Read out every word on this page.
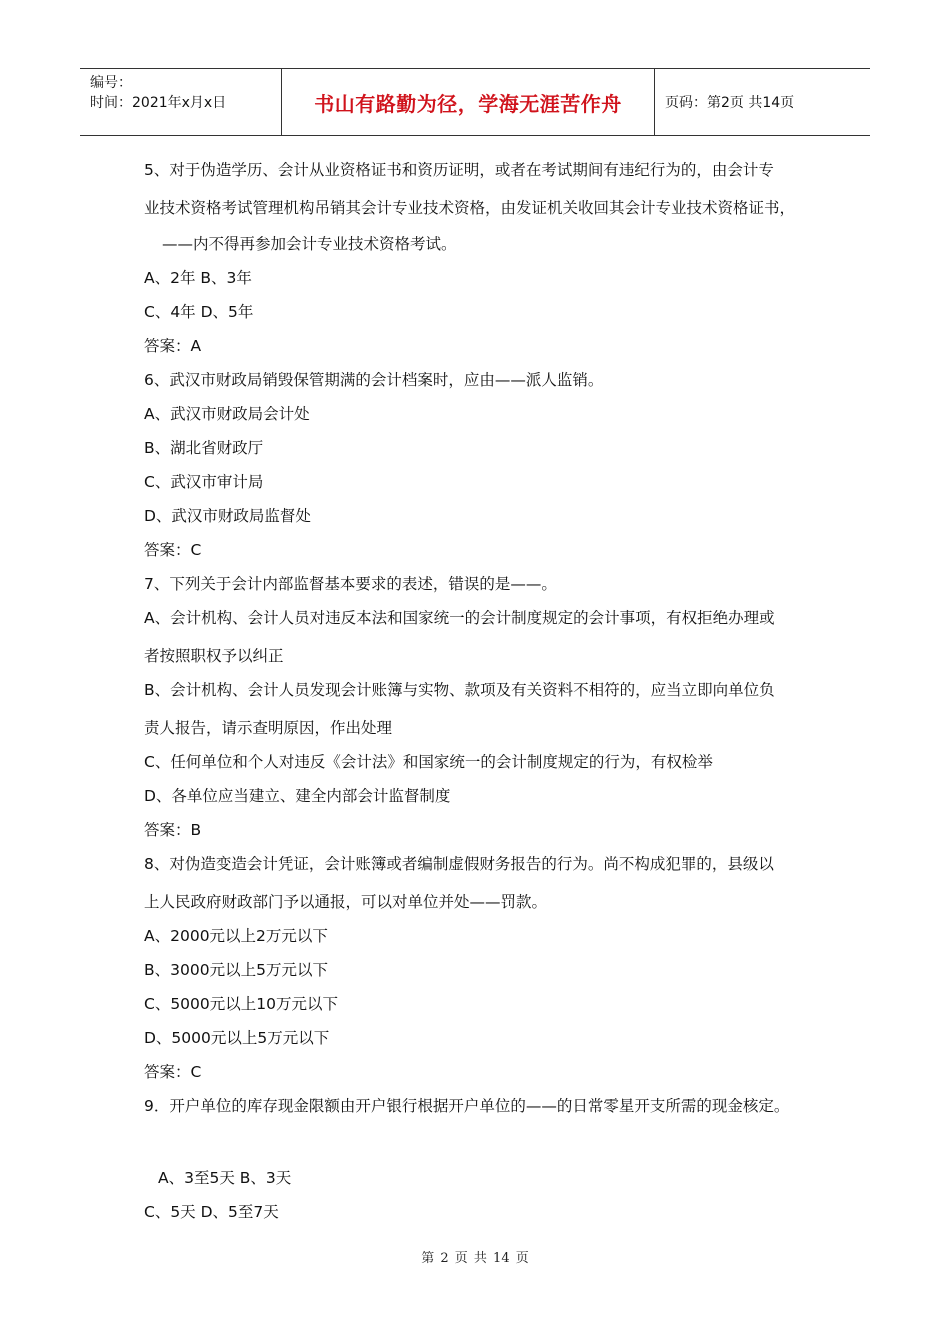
编号：
时间：2021年x月x日	书山有路勤为径，学海无涯苦作舟	页码：第2页 共14页
5、对于伪造学历、会计从业资格证书和资历证明，或者在考试期间有违纪行为的，由会计专
业技术资格考试管理机构吊销其会计专业技术资格，由发证机关收回其会计专业技术资格证书，
——内不得再参加会计专业技术资格考试。
A、2年 B、3年
C、4年 D、5年
答案：A
6、武汉市财政局销毁保管期满的会计档案时，应由——派人监销。
A、武汉市财政局会计处
B、湖北省财政厅
C、武汉市审计局
D、武汉市财政局监督处
答案：C
7、下列关于会计内部监督基本要求的表述，错误的是——。
A、会计机构、会计人员对违反本法和国家统一的会计制度规定的会计事项，有权拒绝办理或
者按照职权予以纠正
B、会计机构、会计人员发现会计账簿与实物、款项及有关资料不相符的，应当立即向单位负
责人报告，请示查明原因，作出处理
C、任何单位和个人对违反《会计法》和国家统一的会计制度规定的行为，有权检举
D、各单位应当建立、建全内部会计监督制度
答案：B
8、对伪造变造会计凭证，会计账簿或者编制虚假财务报告的行为。尚不构成犯罪的，县级以
上人民政府财政部门予以通报，可以对单位并处——罚款。
A、2000元以上2万元以下
B、3000元以上5万元以下
C、5000元以上10万元以下
D、5000元以上5万元以下
答案：C
9．开户单位的库存现金限额由开户银行根据开户单位的——的日常零星开支所需的现金核定。
A、3至5天 B、3天
C、5天 D、5至7天
第 2 页 共 14 页
